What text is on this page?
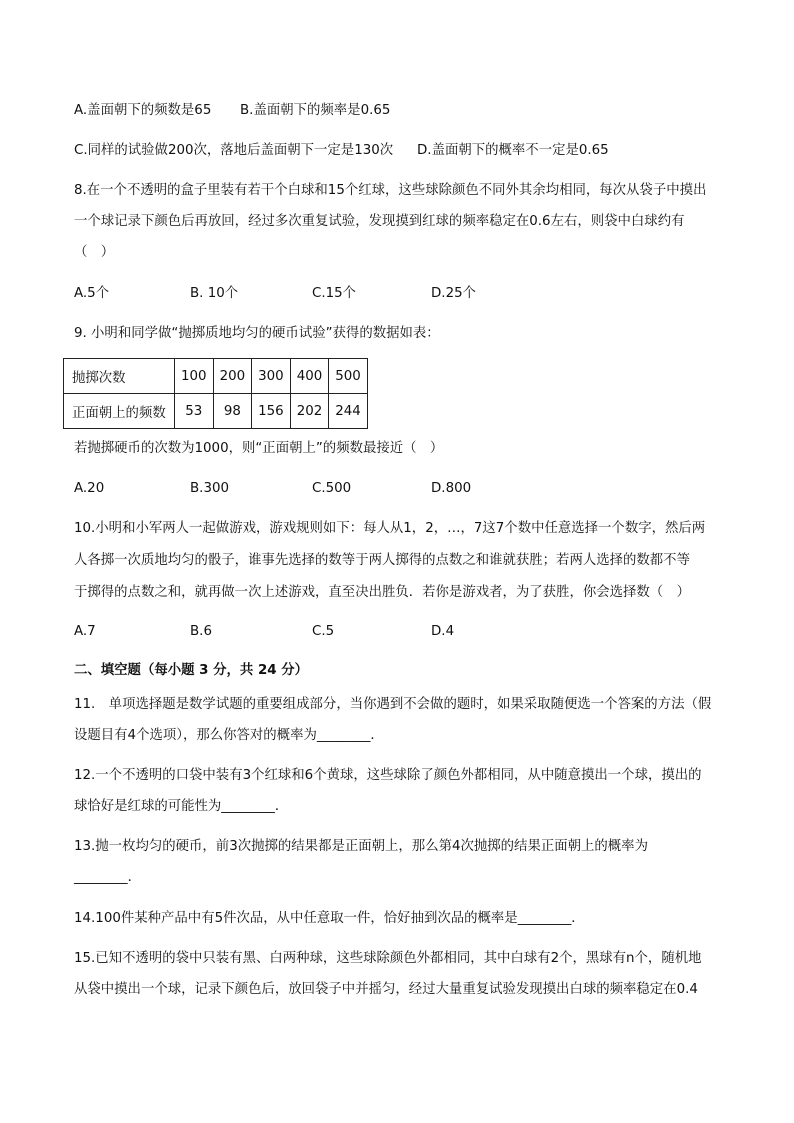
A.盖面朝下的频数是65 B.盖面朝下的频率是0.65
C.同样的试验做200次，落地后盖面朝下一定是130次 D.盖面朝下的概率不一定是0.65
8.在一个不透明的盒子里装有若干个白球和15个红球，这些球除颜色不同外其余均相同，每次从袋子中摸出
一个球记录下颜色后再放回，经过多次重复试验，发现摸到红球的频率稳定在0.6左右，则袋中白球约有
（　）
A.5个	B. 10个	C.15个	D.25个
9. 小明和同学做“抛掷质地均匀的硬币试验”获得的数据如表：
抛掷次数	100	200	300	400	500
正面朝上的频数	53	98	156	202	244
若抛掷硬币的次数为1000，则“正面朝上”的频数最接近（　）
A.20	B.300	C.500	D.800
10.小明和小军两人一起做游戏，游戏规则如下：每人从1，2，…，7这7个数中任意选择一个数字，然后两
人各掷一次质地均匀的骰子，谁事先选择的数等于两人掷得的点数之和谁就获胜；若两人选择的数都不等
于掷得的点数之和，就再做一次上述游戏，直至决出胜负．若你是游戏者，为了获胜，你会选择数（　）
A.7	B.6	C.5	D.4
二、填空题（每小题 3 分，共 24 分）
11.　单项选择题是数学试题的重要组成部分，当你遇到不会做的题时，如果采取随便选一个答案的方法（假
设题目有4个选项），那么你答对的概率为________．
12.一个不透明的口袋中装有3个红球和6个黄球，这些球除了颜色外都相同，从中随意摸出一个球，摸出的
球恰好是红球的可能性为________．
13.抛一枚均匀的硬币，前3次抛掷的结果都是正面朝上，那么第4次抛掷的结果正面朝上的概率为
________．
14.100件某种产品中有5件次品，从中任意取一件，恰好抽到次品的概率是________．
15.已知不透明的袋中只装有黑、白两种球，这些球除颜色外都相同，其中白球有2个，黑球有n个，随机地
从袋中摸出一个球，记录下颜色后，放回袋子中并摇匀，经过大量重复试验发现摸出白球的频率稳定在0.4
